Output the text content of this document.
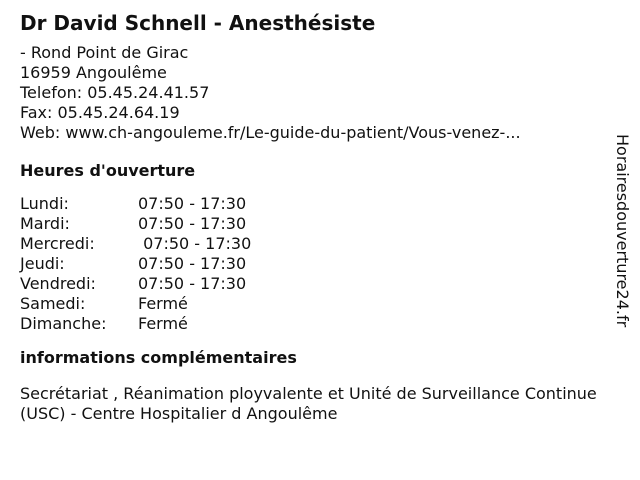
Dr David Schnell - Anesthésiste
- Rond Point de Girac
16959 Angoulême
Telefon: 05.45.24.41.57
Fax: 05.45.24.64.19
Web: www.ch-angouleme.fr/Le-guide-du-patient/Vous-venez-...
Heures d'ouverture
Lundi:	07:50 - 17:30
Mardi:	07:50 - 17:30
Mercredi:	07:50 - 17:30
Jeudi:	07:50 - 17:30
Vendredi:	07:50 - 17:30
Samedi:	Fermé
Dimanche:	Fermé
informations complémentaires
Secrétariat , Réanimation ployvalente et Unité de Surveillance Continue (USC) - Centre Hospitalier d Angoulême
Horairesdouverture24.fr
